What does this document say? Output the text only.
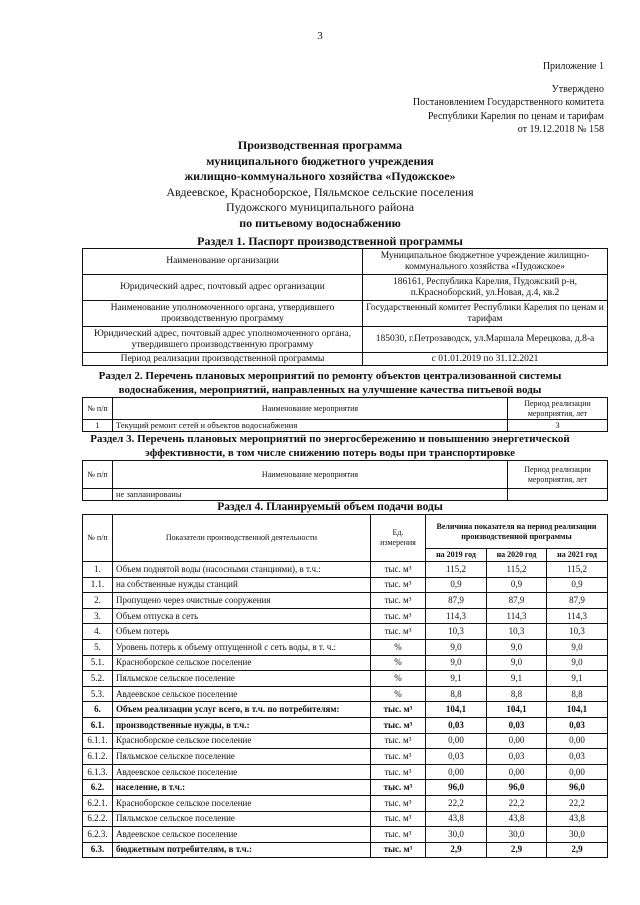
3
Приложение 1
Утверждено
Постановлением Государственного комитета
Республики Карелия по ценам и тарифам
от 19.12.2018 № 158
Производственная программа
муниципального бюджетного учреждения
жилищно-коммунального хозяйства «Пудожское»
Авдеевское, Красноборское, Пяльмское сельские поселения
Пудожского муниципального района
по питьевому водоснабжению
Раздел 1. Паспорт производственной программы
Наименование организации	Муниципальное бюджетное учреждение жилищно-коммунального хозяйства «Пудожское»
Юридический адрес, почтовый адрес организации	186161, Республика Карелия, Пудожский р-н, п.Красноборский, ул.Новая, д.4, кв.2
Наименование уполномоченного органа, утвердившего производственную программу	Государственный комитет Республики Карелия по ценам и тарифам
Юридический адрес, почтовый адрес уполномоченного органа, утвердившего производственную программу	185030, г.Петрозаводск, ул.Маршала Мерецкова, д.8-а
Период реализации производственной программы	с 01.01.2019 по 31.12.2021
Раздел 2. Перечень плановых мероприятий по ремонту объектов централизованной системы водоснабжения, мероприятий, направленных на улучшение качества питьевой воды
№ п/п	Наименование мероприятия	Период реализации мероприятия, лет
1	Текущий ремонт сетей и объектов водоснабжения	3
Раздел 3. Перечень плановых мероприятий по энергосбережению и повышению энергетической эффективности, в том числе снижению потерь воды при транспортировке
№ п/п	Наименование мероприятия	Период реализации мероприятия, лет
	не запланированы	
Раздел 4. Планируемый объем подачи воды
№ п/п	Показатели производственной деятельности	Ед. измерения	Величина показателя на период реализации производственной программы		
			на 2019 год	на 2020 год	на 2021 год
1.	Объем поднятой воды (насосными станциями), в т.ч.:	тыс. м³	115,2	115,2	115,2
1.1.	на собственные нужды станций	тыс. м³	0,9	0,9	0,9
2.	Пропущено через очистные сооружения	тыс. м³	87,9	87,9	87,9
3.	Объем отпуска в сеть	тыс. м³	114,3	114,3	114,3
4.	Объем потерь	тыс. м³	10,3	10,3	10,3
5.	Уровень потерь к объему отпущенной с сеть воды, в т. ч.:	%	9,0	9,0	9,0
5.1.	Красноборское сельское поселение	%	9,0	9,0	9,0
5.2.	Пяльмское сельское поселение	%	9,1	9,1	9,1
5.3.	Авдеевское сельское поселение	%	8,8	8,8	8,8
6.	Объем реализации услуг всего, в т.ч. по потребителям:	тыс. м³	104,1	104,1	104,1
6.1.	производственные нужды, в т.ч.:	тыс. м³	0,03	0,03	0,03
6.1.1.	Красноборское сельское поселение	тыс. м³	0,00	0,00	0,00
6.1.2.	Пяльмское сельское поселение	тыс. м³	0,03	0,03	0,03
6.1.3.	Авдеевское сельское поселение	тыс. м³	0,00	0,00	0,00
6.2.	население, в т.ч.:	тыс. м³	96,0	96,0	96,0
6.2.1.	Красноборское сельское поселение	тыс. м³	22,2	22,2	22,2
6.2.2.	Пяльмское сельское поселение	тыс. м³	43,8	43,8	43,8
6.2.3.	Авдеевское сельское поселение	тыс. м³	30,0	30,0	30,0
6.3.	бюджетным потребителям, в т.ч.:	тыс. м³	2,9	2,9	2,9
